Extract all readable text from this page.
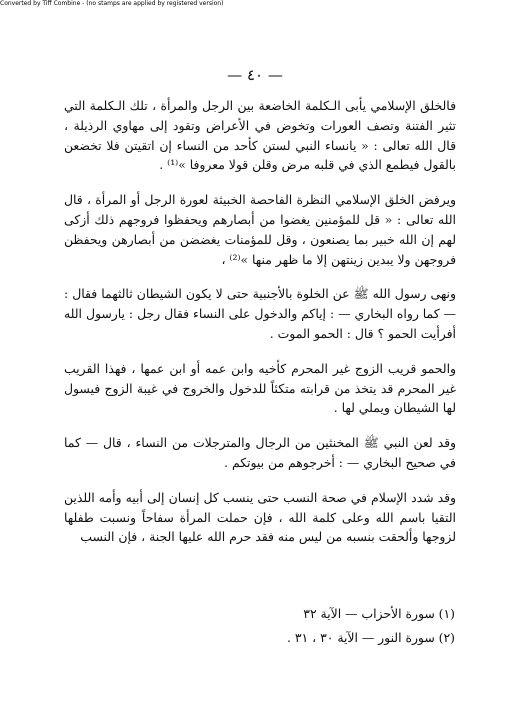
Converted by Tiff Combine - (no stamps are applied by registered version)
— ٤٠ —

فالخلق الإسلامي يأبى الـكلمة الخاضعة بين الرجل والمرأة ، تلك الـكلمة التي تثير الفتنة وتصف العورات وتخوض في الأعراض وتقود إلى مهاوي الرذيلة ، قال الله تعالى : « يانساء النبي لستن كأحد من النساء إن اتقيتن فلا تخضعن بالقول فيطمع الذي في قلبه مرض وقلن قولا معروفا »⁽¹⁾ .

ويرفض الخلق الإسلامي النظرة الفاحصة الخبيثة لعورة الرجل أو المرأة ، قال الله تعالى : « قل للمؤمنين يغضوا من أبصارهم ويحفظوا فروجهم ذلك أزكى لهم إن الله خبير بما يصنعون ، وقل للمؤمنات يغضضن من أبصارهن ويحفظن فروجهن ولا يبدين زينتهن إلا ما ظهر منها »⁽²⁾ ،

ونهى رسول الله ﷺ عن الخلوة بالأجنبية حتى لا يكون الشيطان ثالثهما فقال : — كما رواه البخاري — : إياكم والدخول على النساء فقال رجل : يارسول الله أفرأيت الحمو ؟ قال : الحمو الموت .

والحمو قريب الزوج غير المحرم كأخيه وابن عمه أو ابن عمها ، فهذا القريب غير المحرم قد يتخذ من قرابته متكئاً للدخول والخروج في غيبة الزوج فيسول لها الشيطان ويملي لها .

وقد لعن النبي ﷺ المخنثين من الرجال والمترجلات من النساء ، قال — كما في صحيح البخاري — : أخرجوهم من بيوتكم .

وقد شدد الإسلام في صحة النسب حتى ينسب كل إنسان إلى أبيه وأمه اللذين التقيا باسم الله وعلى كلمة الله ، فإن حملت المرأة سفاحاً ونسبت طفلها لزوجها وألحقت بنسبه من ليس منه فقد حرم الله عليها الجنة ، فإن النسب

(١) سورة الأحزاب — الآية ٣٢
(٢) سورة النور — الآية ٣٠ ، ٣١ .
